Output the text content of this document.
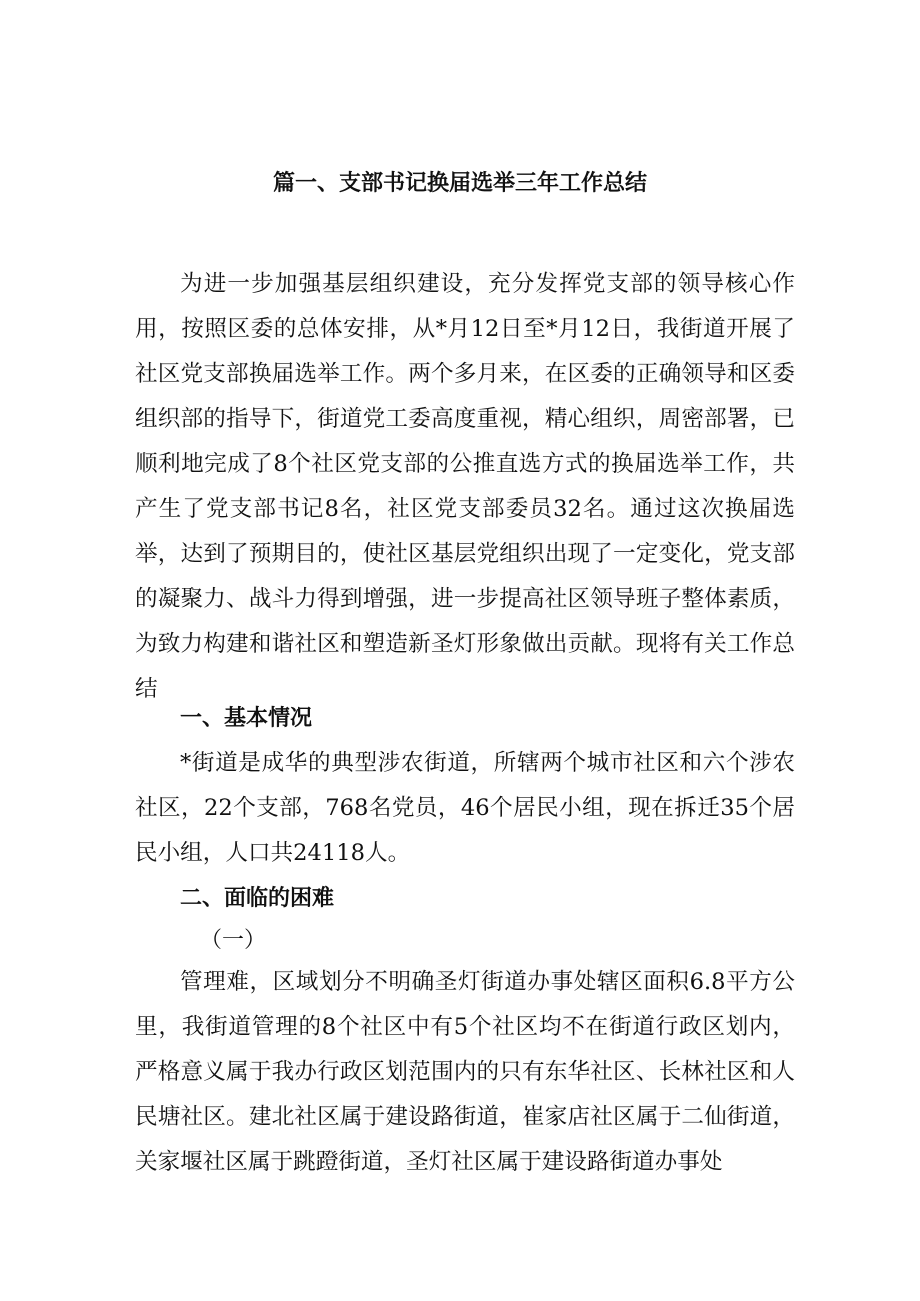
篇一、支部书记换届选举三年工作总结

为进一步加强基层组织建设，充分发挥党支部的领导核心作用，按照区委的总体安排，从*月12日至*月12日，我街道开展了社区党支部换届选举工作。两个多月来，在区委的正确领导和区委组织部的指导下，街道党工委高度重视，精心组织，周密部署，已顺利地完成了8个社区党支部的公推直选方式的换届选举工作，共产生了党支部书记8名，社区党支部委员32名。通过这次换届选举，达到了预期目的，使社区基层党组织出现了一定变化，党支部的凝聚力、战斗力得到增强，进一步提高社区领导班子整体素质，为致力构建和谐社区和塑造新圣灯形象做出贡献。现将有关工作总结

一、基本情况

*街道是成华的典型涉农街道，所辖两个城市社区和六个涉农社区，22个支部，768名党员，46个居民小组，现在拆迁35个居民小组，人口共24118人。

二、面临的困难
（一）

管理难，区域划分不明确圣灯街道办事处辖区面积6.8平方公里，我街道管理的8个社区中有5个社区均不在街道行政区划内，严格意义属于我办行政区划范围内的只有东华社区、长林社区和人民塘社区。建北社区属于建设路街道，崔家店社区属于二仙街道，关家堰社区属于跳蹬街道，圣灯社区属于建设路街道办事处
